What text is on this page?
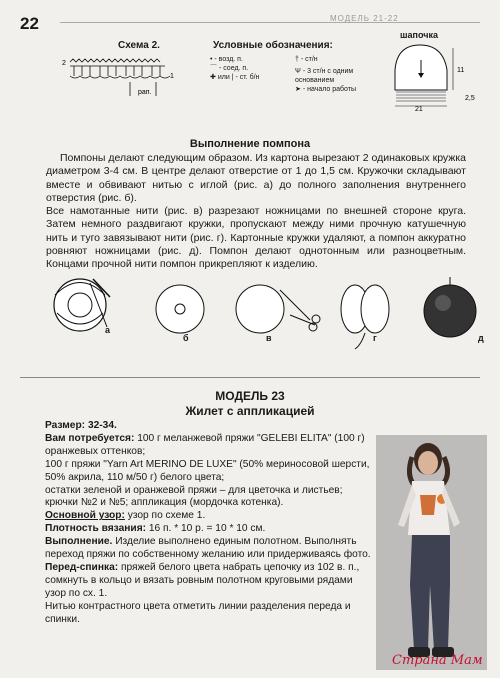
22	МОДЕЛЬ 21-22
Схема 2.
2
1
рап.
Условные обозначения:
• - возд. п.
⌒ - соед. п.
✚ или | - ст. б/н
† - ст/н
Ψ - 3 ст/н с одним основанием
➤ - начало работы
шапочка
11
21
2,5
Выполнение помпона
Помпоны делают следующим образом. Из картона вырезают 2 одинаковых кружка диаметром 3-4 см. В центре делают отверстие от 1 до 1,5 см. Кружочки складывают вместе и обвивают нитью с иглой (рис. а) до полного заполнения внутреннего отверстия (рис. б).
Все намотанные нити (рис. в) разрезают ножницами по внешней стороне круга. Затем немного раздвигают кружки, пропускают между ними прочную катушечную нить и туго завязывают нити (рис. г). Картонные кружки удаляют, а помпон аккуратно ровняют ножницами (рис. д). Помпон делают однотонным или разноцветным. Концами прочной нити помпон прикрепляют к изделию.
а
б	в	г	д
МОДЕЛЬ 23
Жилет с аппликацией

Размер: 32-34.

Вам потребуется: 100 г меланжевой пряжи "GELEBI ELITA" (100 г) оранжевых оттенков;

100 г пряжи "Yarn Art MERINO DE LUXE" (50% мериносовой шерсти, 50% акрила, 110 м/50 г) белого цвета;

остатки зеленой и оранжевой пряжи – для цветочка и листьев;

крючки №2 и №5; аппликация (мордочка котенка).

Основной узор: узор по схеме 1.

Плотность вязания: 16 п. * 10 р. = 10 * 10 см.

Выполнение. Изделие выполнено единым полотном. Выполнять переход пряжи по собственному желанию или придерживаясь фото.

Перед-спинка: пряжей белого цвета набрать цепочку из 102 в. п., сомкнуть в кольцо и вязать ровным полотном круговыми рядами узор по сх. 1.

Нитью контрастного цвета отметить линии разделения переда и спинки.

Страна Мам
